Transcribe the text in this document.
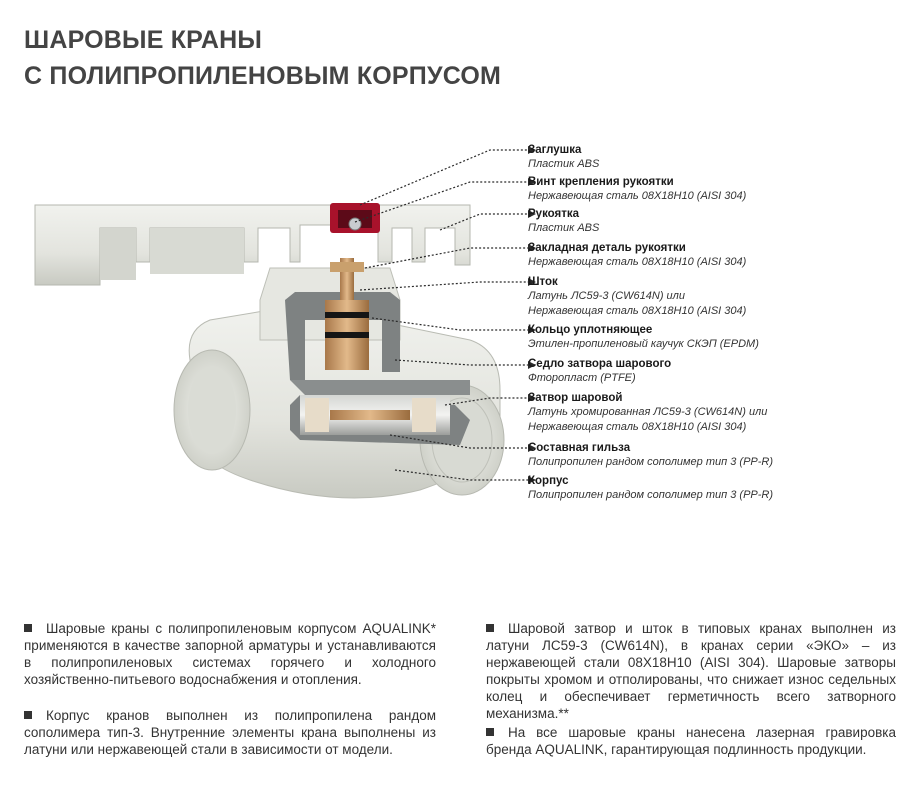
ШАРОВЫЕ КРАНЫ
С ПОЛИПРОПИЛЕНОВЫМ КОРПУСОМ
Заглушка
Пластик ABS
Винт крепления рукоятки
Нержавеющая сталь 08Х18Н10 (AISI 304)
Рукоятка
Пластик ABS
Закладная деталь рукоятки
Нержавеющая сталь 08Х18Н10 (AISI 304)
Шток
Латунь ЛС59-3 (CW614N) или
Нержавеющая сталь 08Х18Н10 (AISI 304)
Кольцо уплотняющее
Этилен-пропиленовый каучук СКЭП (EPDM)
Седло затвора шарового
Фторопласт (PTFE)
Затвор шаровой
Латунь хромированная ЛС59-3 (CW614N) или
Нержавеющая сталь 08Х18Н10 (AISI 304)
Составная гильза
Полипропилен рандом сополимер тип 3 (PP-R)
Корпус
Полипропилен рандом сополимер тип 3 (PP-R)

Шаровые краны с полипропиленовым корпусом AQUALINK* применяются в качестве запорной арматуры и устанавливаются в полипропиленовых системах горячего и холодного хозяйственно-питьевого водоснабжения и отопления.

Корпус кранов выполнен из полипропилена рандом сополимера тип-3. Внутренние элементы крана выполнены из латуни или нержавеющей стали в зависимости от модели.

Шаровой затвор и шток в типовых кранах выполнен из латуни ЛС59-3 (CW614N), в кранах серии «ЭКО» – из нержавеющей стали 08Х18Н10 (AISI 304). Шаровые затворы покрыты хромом и отполированы, что снижает износ седельных колец и обеспечивает герметичность всего затворного механизма.**

На все шаровые краны нанесена лазерная гравировка бренда AQUALINK, гарантирующая подлинность продукции.
